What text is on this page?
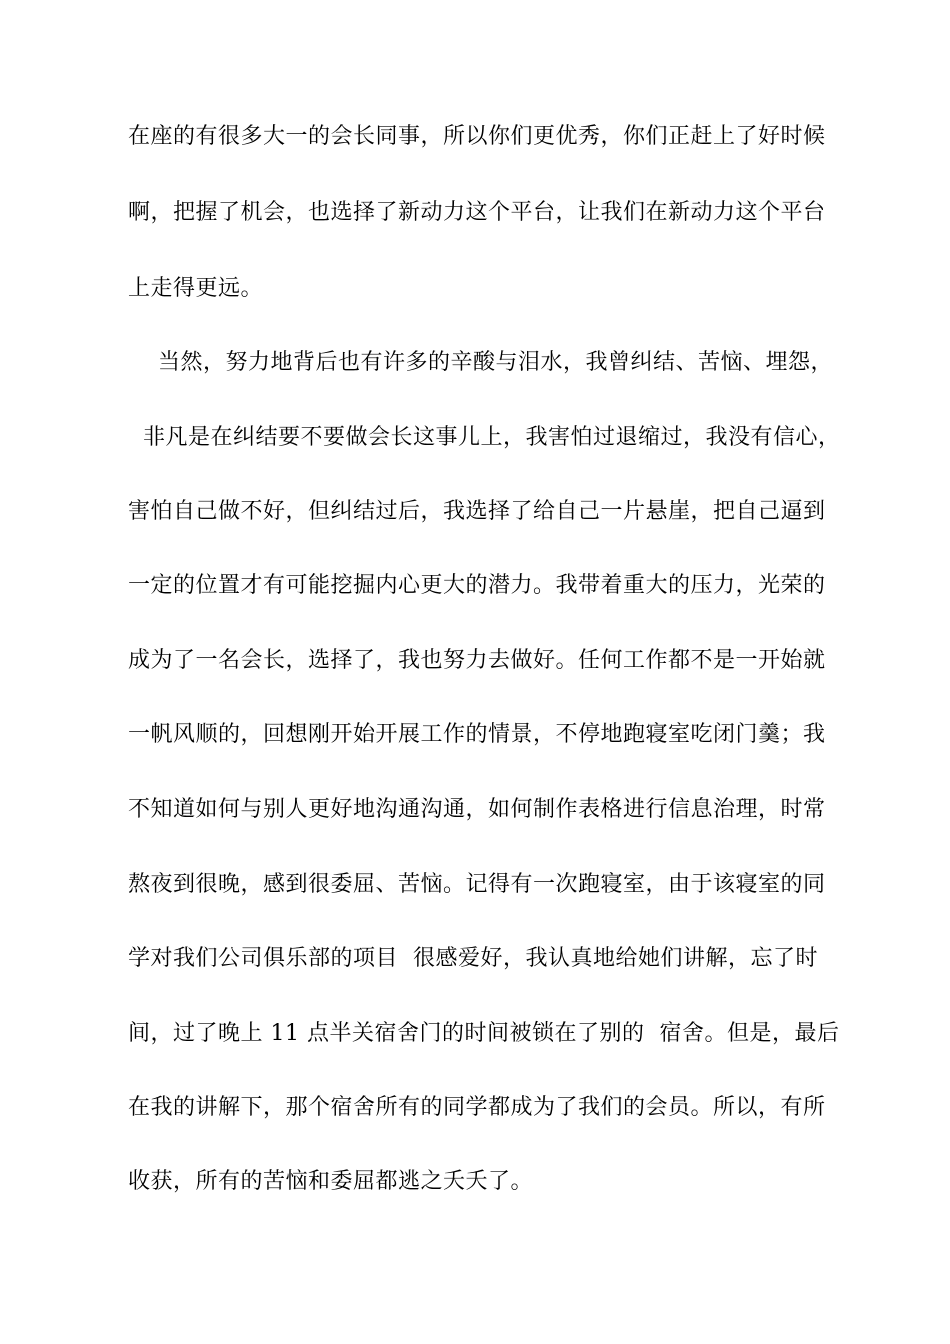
在座的有很多大一的会长同事，所以你们更优秀，你们正赶上了好时候
啊，把握了机会，也选择了新动力这个平台，让我们在新动力这个平台
上走得更远。
当然，努力地背后也有许多的辛酸与泪水，我曾纠结、苦恼、埋怨，
非凡是在纠结要不要做会长这事儿上，我害怕过退缩过，我没有信心，
害怕自己做不好，但纠结过后，我选择了给自己一片悬崖，把自己逼到
一定的位置才有可能挖掘内心更大的潜力。我带着重大的压力，光荣的
成为了一名会长，选择了，我也努力去做好。任何工作都不是一开始就
一帆风顺的，回想刚开始开展工作的情景，不停地跑寝室吃闭门羹；我
不知道如何与别人更好地沟通沟通，如何制作表格进行信息治理，时常
熬夜到很晚，感到很委屈、苦恼。记得有一次跑寝室，由于该寝室的同
学对我们公司俱乐部的项目  很感爱好，我认真地给她们讲解，忘了时
间，过了晚上 11 点半关宿舍门的时间被锁在了别的  宿舍。但是，最后
在我的讲解下，那个宿舍所有的同学都成为了我们的会员。所以，有所
收获，所有的苦恼和委屈都逃之夭夭了。
